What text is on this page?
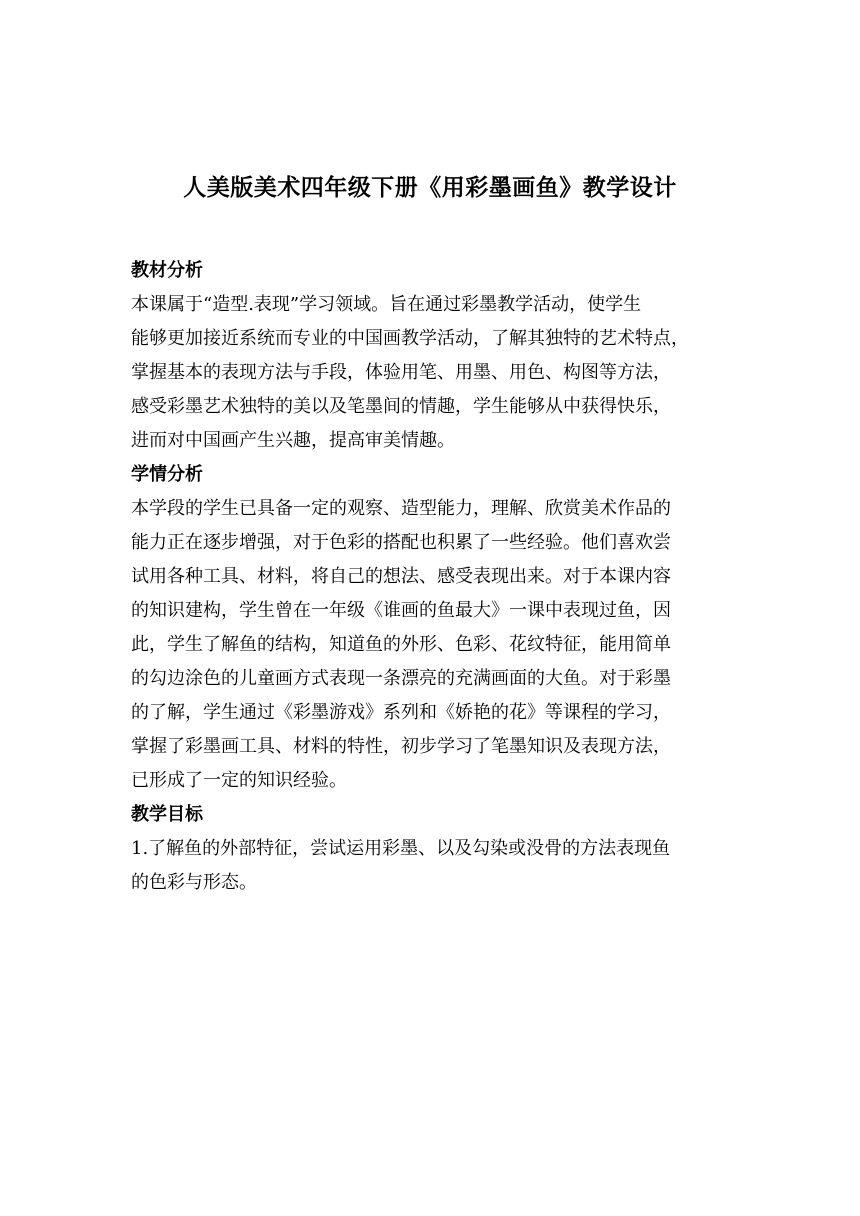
人美版美术四年级下册《用彩墨画鱼》教学设计
教材分析
本课属于“造型.表现”学习领域。旨在通过彩墨教学活动，使学生
能够更加接近系统而专业的中国画教学活动，了解其独特的艺术特点，
掌握基本的表现方法与手段，体验用笔、用墨、用色、构图等方法，
感受彩墨艺术独特的美以及笔墨间的情趣，学生能够从中获得快乐，
进而对中国画产生兴趣，提高审美情趣。
学情分析
本学段的学生已具备一定的观察、造型能力，理解、欣赏美术作品的
能力正在逐步增强，对于色彩的搭配也积累了一些经验。他们喜欢尝
试用各种工具、材料，将自己的想法、感受表现出来。对于本课内容
的知识建构，学生曾在一年级《谁画的鱼最大》一课中表现过鱼，因
此，学生了解鱼的结构，知道鱼的外形、色彩、花纹特征，能用简单
的勾边涂色的儿童画方式表现一条漂亮的充满画面的大鱼。对于彩墨
的了解，学生通过《彩墨游戏》系列和《娇艳的花》等课程的学习，
掌握了彩墨画工具、材料的特性，初步学习了笔墨知识及表现方法，
已形成了一定的知识经验。
教学目标
1.了解鱼的外部特征，尝试运用彩墨、以及勾染或没骨的方法表现鱼
的色彩与形态。
